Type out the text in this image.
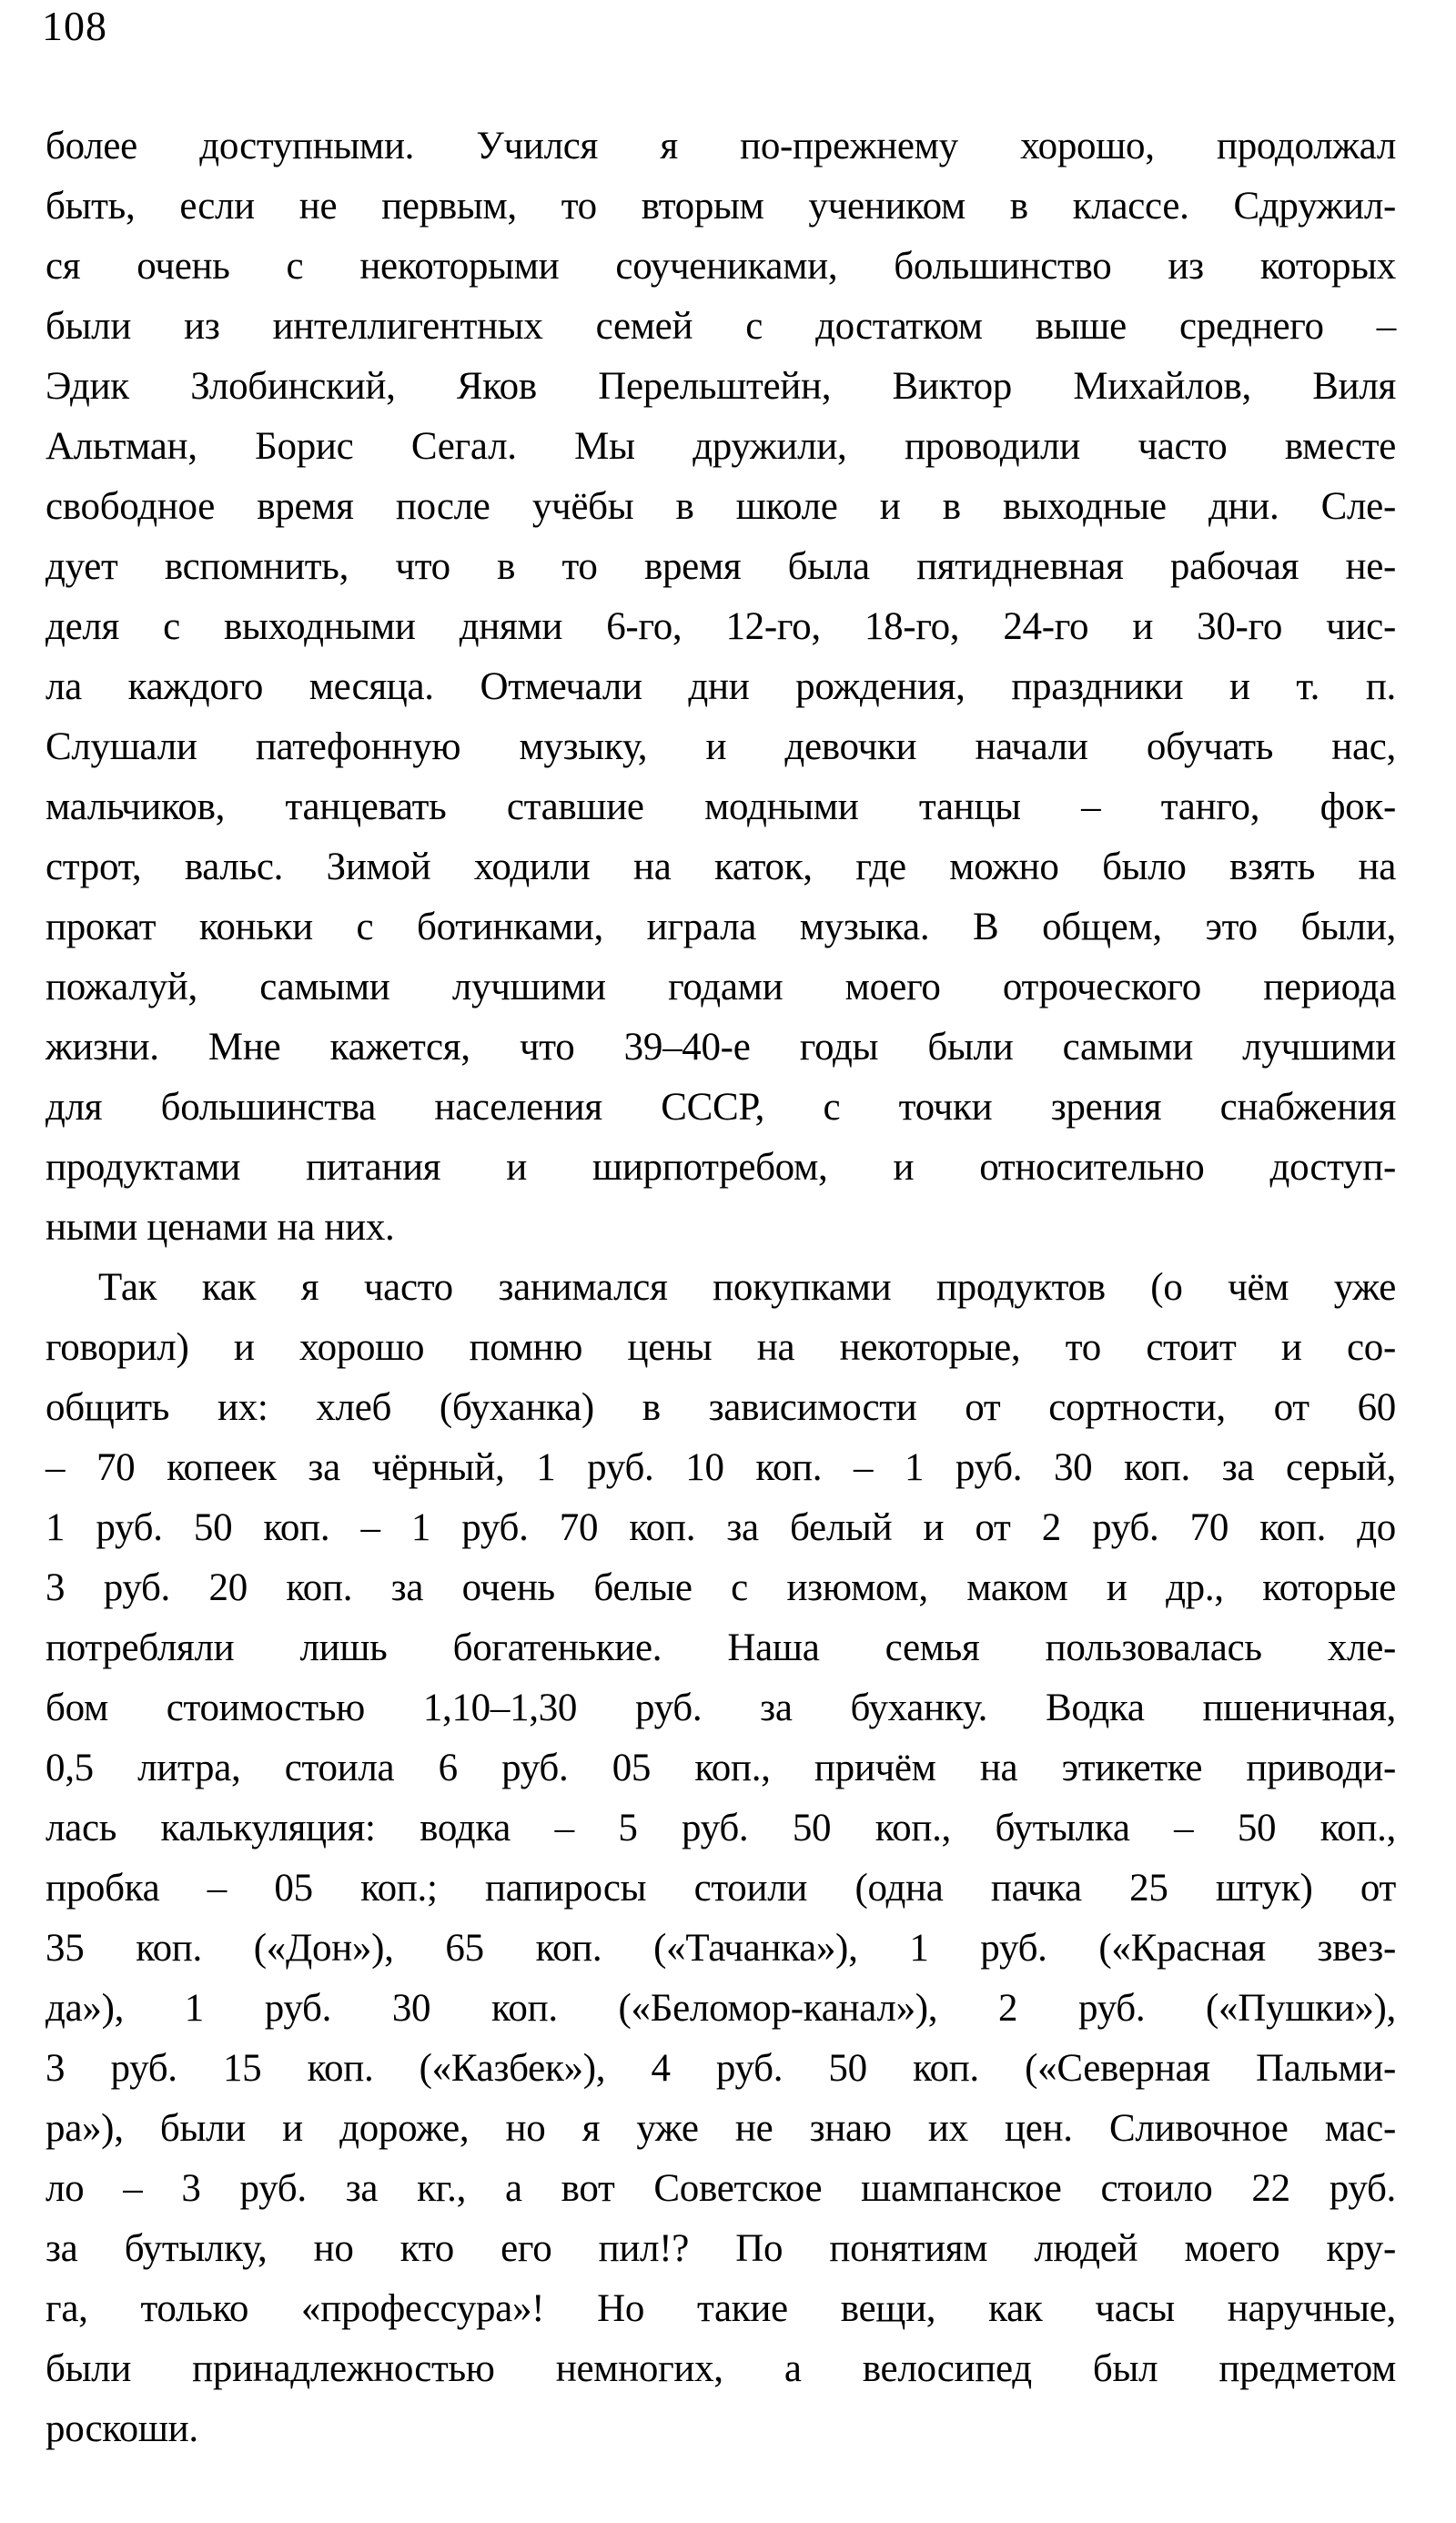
108
более доступными. Учился я по-прежнему хорошо, продолжал
быть, если не первым, то вторым учеником в классе. Сдружил-
ся очень с некоторыми соучениками, большинство из которых
были из интеллигентных семей с достатком выше среднего –
Эдик Злобинский, Яков Перельштейн, Виктор Михайлов, Виля
Альтман, Борис Сегал. Мы дружили, проводили часто вместе
свободное время после учёбы в школе и в выходные дни. Сле-
дует вспомнить, что в то время была пятидневная рабочая не-
деля с выходными днями 6-го, 12-го, 18-го, 24-го и 30-го чис-
ла каждого месяца. Отмечали дни рождения, праздники и т. п.
Слушали патефонную музыку, и девочки начали обучать нас,
мальчиков, танцевать ставшие модными танцы – танго, фок-
строт, вальс. Зимой ходили на каток, где можно было взять на
прокат коньки с ботинками, играла музыка. В общем, это были,
пожалуй, самыми лучшими годами моего отроческого периода
жизни. Мне кажется, что 39–40-е годы были самыми лучшими
для большинства населения СССР, с точки зрения снабжения
продуктами питания и ширпотребом, и относительно доступ-
ными ценами на них.
Так как я часто занимался покупками продуктов (о чём уже
говорил) и хорошо помню цены на некоторые, то стоит и со-
общить их: хлеб (буханка) в зависимости от сортности, от 60
– 70 копеек за чёрный, 1 руб. 10 коп. – 1 руб. 30 коп. за серый,
1 руб. 50 коп. – 1 руб. 70 коп. за белый и от 2 руб. 70 коп. до
3 руб. 20 коп. за очень белые с изюмом, маком и др., которые
потребляли лишь богатенькие. Наша семья пользовалась хле-
бом стоимостью 1,10–1,30 руб. за буханку. Водка пшеничная,
0,5 литра, стоила 6 руб. 05 коп., причём на этикетке приводи-
лась калькуляция: водка – 5 руб. 50 коп., бутылка – 50 коп.,
пробка – 05 коп.; папиросы стоили (одна пачка 25 штук) от
35 коп. («Дон»), 65 коп. («Тачанка»), 1 руб. («Красная звез-
да»), 1 руб. 30 коп. («Беломор-канал»), 2 руб. («Пушки»),
3 руб. 15 коп. («Казбек»), 4 руб. 50 коп. («Северная Пальми-
ра»), были и дороже, но я уже не знаю их цен. Сливочное мас-
ло – 3 руб. за кг., а вот Советское шампанское стоило 22 руб.
за бутылку, но кто его пил!? По понятиям людей моего кру-
га, только «профессура»! Но такие вещи, как часы наручные,
были принадлежностью немногих, а велосипед был предметом
роскоши.
